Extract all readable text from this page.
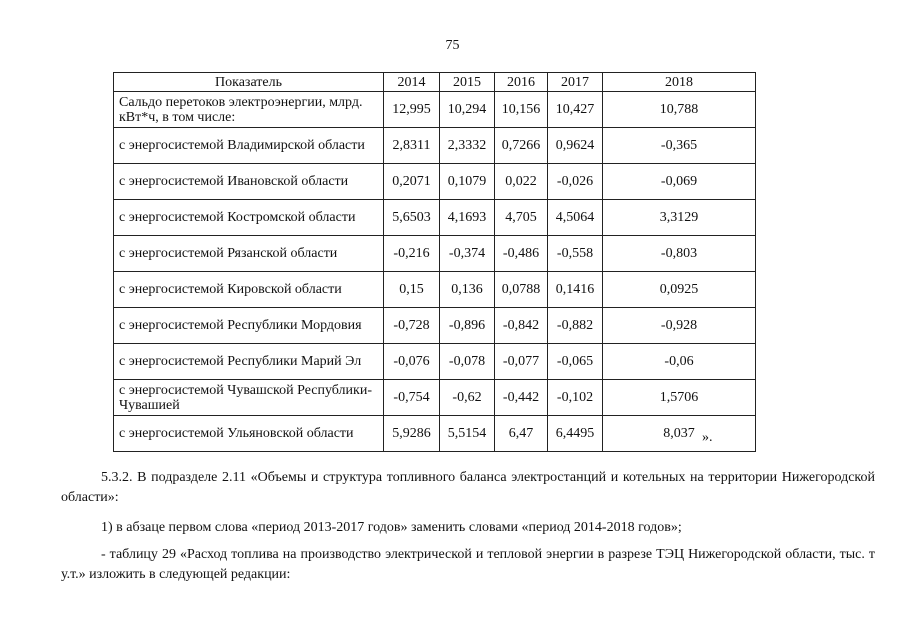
75
Показатель	2014	2015	2016	2017	2018
Сальдо перетоков электроэнергии, млрд. кВт*ч, в том числе:	12,995	10,294	10,156	10,427	10,788
с энергосистемой Владимирской области	2,8311	2,3332	0,7266	0,9624	-0,365
с энергосистемой Ивановской области	0,2071	0,1079	0,022	-0,026	-0,069
с энергосистемой Костромской области	5,6503	4,1693	4,705	4,5064	3,3129
с энергосистемой Рязанской области	-0,216	-0,374	-0,486	-0,558	-0,803
с энергосистемой Кировской области	0,15	0,136	0,0788	0,1416	0,0925
с энергосистемой Республики Мордовия	-0,728	-0,896	-0,842	-0,882	-0,928
с энергосистемой Республики Марий Эл	-0,076	-0,078	-0,077	-0,065	-0,06
с энергосистемой Чувашской Республики-Чувашией	-0,754	-0,62	-0,442	-0,102	1,5706
с энергосистемой Ульяновской области	5,9286	5,5154	6,47	6,4495	8,037 ».
5.3.2. В подразделе 2.11 «Объемы и структура топливного баланса электростанций и котельных на территории Нижегородской области»:
1) в абзаце первом слова «период 2013-2017 годов» заменить словами «период 2014-2018 годов»;
- таблицу 29 «Расход топлива на производство электрической и тепловой энергии в разрезе ТЭЦ Нижегородской области, тыс. т у.т.» изложить в следующей редакции:
